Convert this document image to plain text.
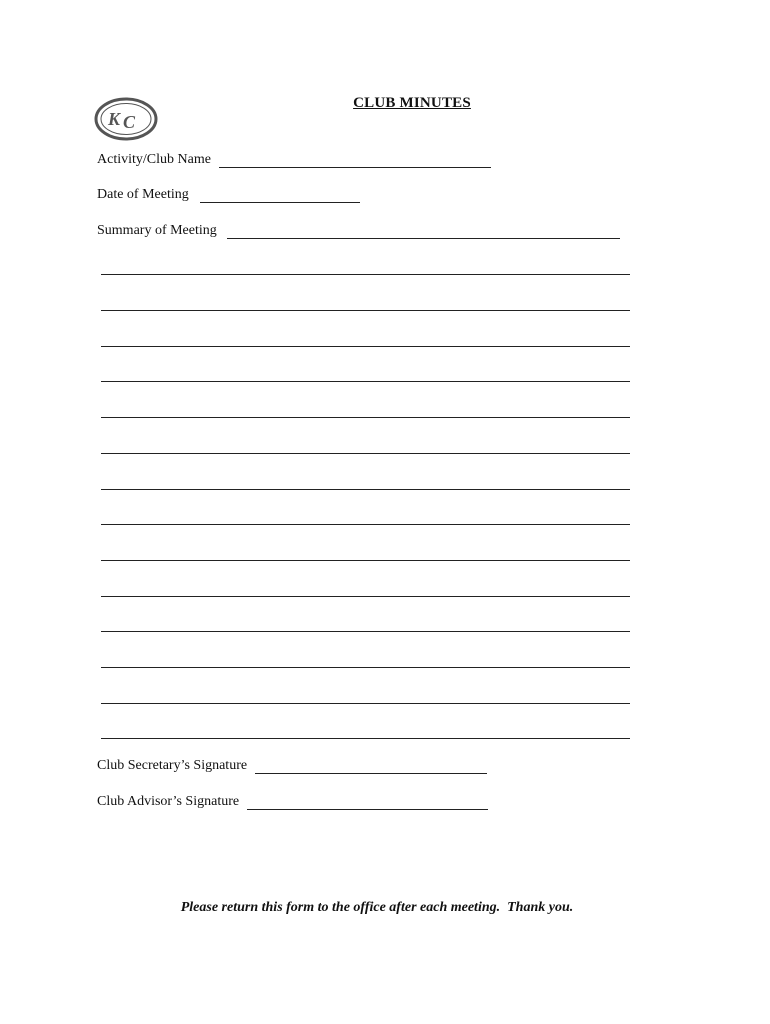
K C
CLUB MINUTES
Activity/Club Name
Date of Meeting
Summary of Meeting
Club Secretary’s Signature
Club Advisor’s Signature
Please return this form to the office after each meeting.  Thank you.
